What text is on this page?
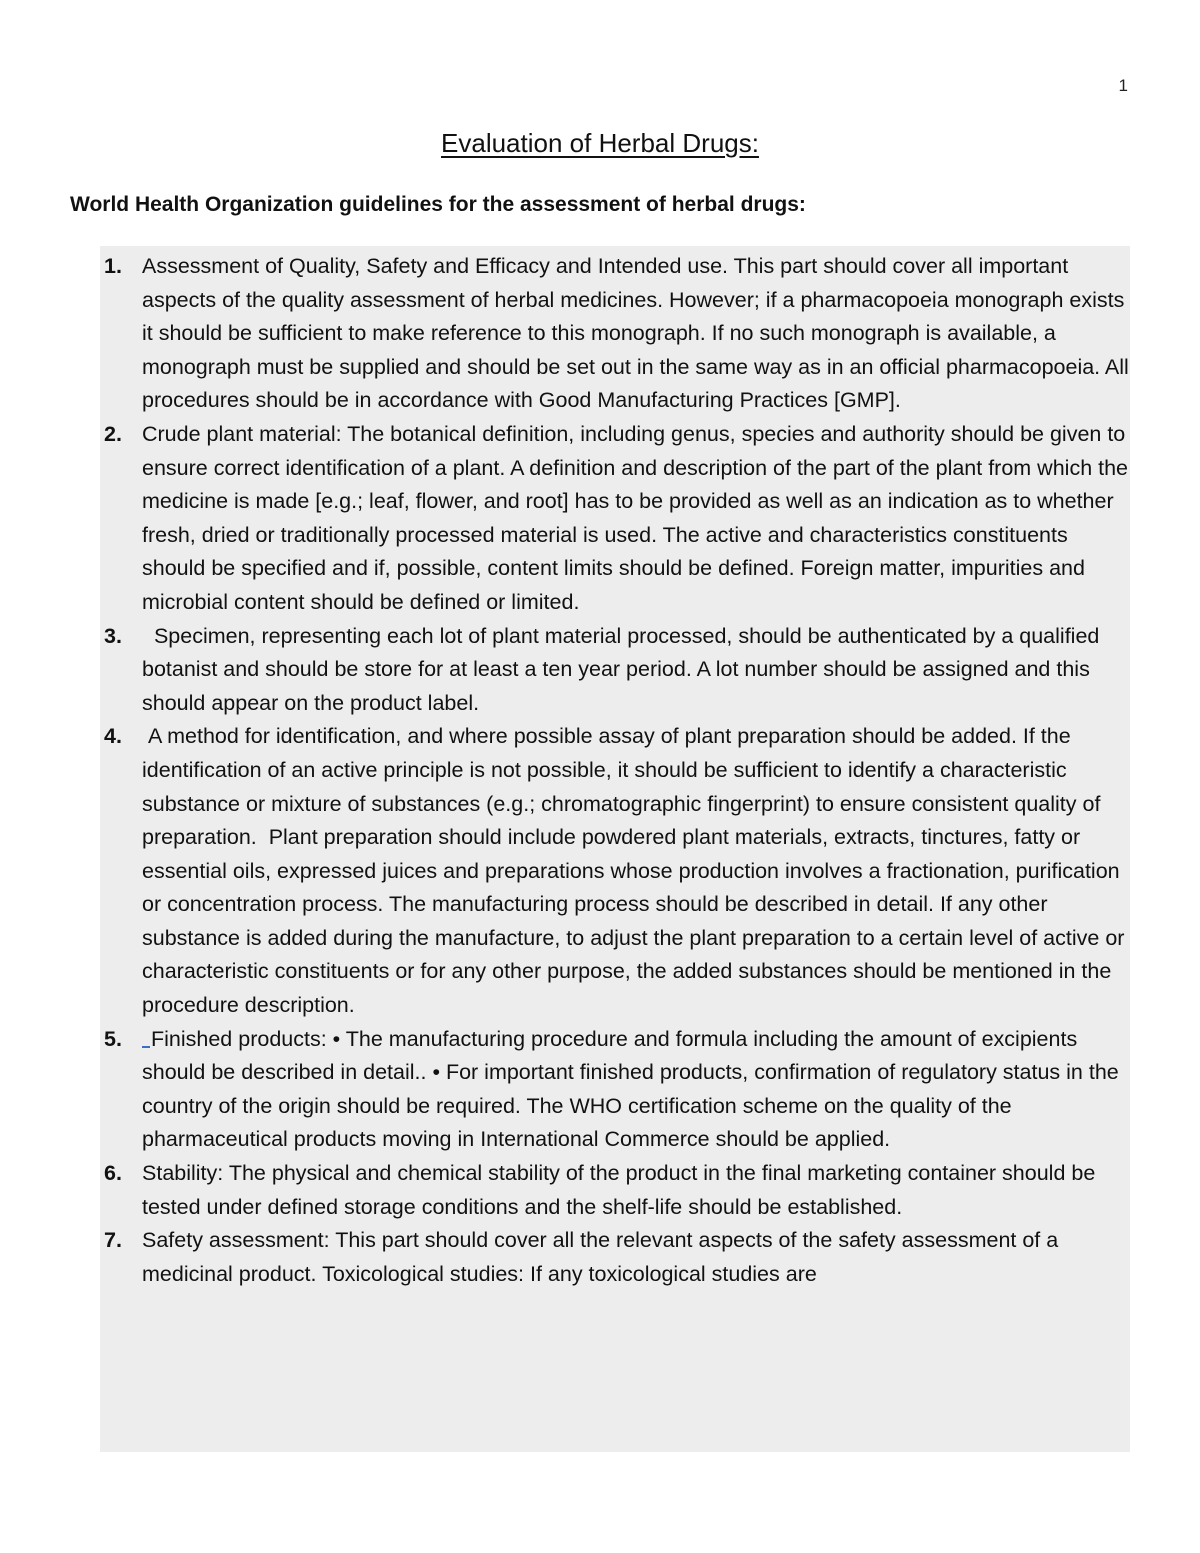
1
Evaluation of Herbal Drugs:
World Health Organization guidelines for the assessment of herbal drugs:
1. Assessment of Quality, Safety and Efficacy and Intended use. This part should cover all important aspects of the quality assessment of herbal medicines. However; if a pharmacopoeia monograph exists it should be sufficient to make reference to this monograph. If no such monograph is available, a monograph must be supplied and should be set out in the same way as in an official pharmacopoeia. All procedures should be in accordance with Good Manufacturing Practices [GMP].
2. Crude plant material: The botanical definition, including genus, species and authority should be given to ensure correct identification of a plant. A definition and description of the part of the plant from which the medicine is made [e.g.; leaf, flower, and root] has to be provided as well as an indication as to whether fresh, dried or traditionally processed material is used. The active and characteristics constituents should be specified and if, possible, content limits should be defined. Foreign matter, impurities and microbial content should be defined or limited.
3. Specimen, representing each lot of plant material processed, should be authenticated by a qualified botanist and should be store for at least a ten year period. A lot number should be assigned and this should appear on the product label.
4. A method for identification, and where possible assay of plant preparation should be added. If the identification of an active principle is not possible, it should be sufficient to identify a characteristic substance or mixture of substances (e.g.; chromatographic fingerprint) to ensure consistent quality of preparation.  Plant preparation should include powdered plant materials, extracts, tinctures, fatty or essential oils, expressed juices and preparations whose production involves a fractionation, purification or concentration process. The manufacturing process should be described in detail. If any other substance is added during the manufacture, to adjust the plant preparation to a certain level of active or characteristic constituents or for any other purpose, the added substances should be mentioned in the procedure description.
5.	Finished products: • The manufacturing procedure and formula including the amount of excipients should be described in detail.. • For important finished products, confirmation of regulatory status in the country of the origin should be required. The WHO certification scheme on the quality of the pharmaceutical products moving in International Commerce should be applied.
6. Stability: The physical and chemical stability of the product in the final marketing container should be tested under defined storage conditions and the shelf-life should be established.
7. Safety assessment: This part should cover all the relevant aspects of the safety assessment of a medicinal product. Toxicological studies: If any toxicological studies are
